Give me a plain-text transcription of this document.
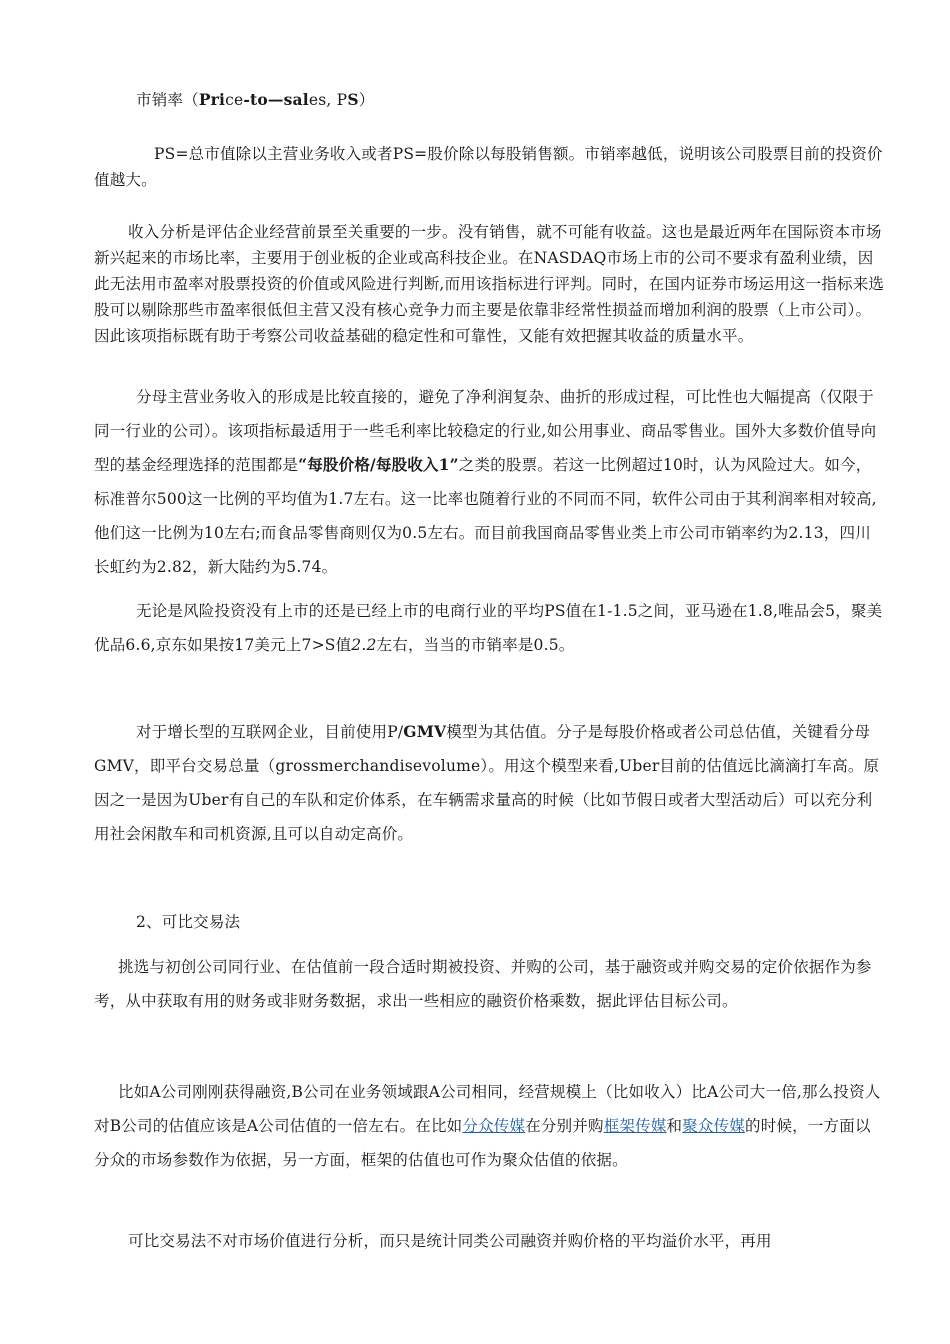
市销率（Price-to—sales, PS）

PS=总市值除以主营业务收入或者PS=股价除以每股销售额。市销率越低，说明该公司股票目前的投资价值越大。

收入分析是评估企业经营前景至关重要的一步。没有销售，就不可能有收益。这也是最近两年在国际资本市场新兴起来的市场比率，主要用于创业板的企业或高科技企业。在NASDAQ市场上市的公司不要求有盈利业绩，因此无法用市盈率对股票投资的价值或风险进行判断,而用该指标进行评判。同时，在国内证券市场运用这一指标来选股可以剔除那些市盈率很低但主营又没有核心竞争力而主要是依靠非经常性损益而增加利润的股票（上市公司）。因此该项指标既有助于考察公司收益基础的稳定性和可靠性，又能有效把握其收益的质量水平。

分母主营业务收入的形成是比较直接的，避免了净利润复杂、曲折的形成过程，可比性也大幅提高（仅限于同一行业的公司）。该项指标最适用于一些毛利率比较稳定的行业,如公用事业、商品零售业。国外大多数价值导向型的基金经理选择的范围都是“每股价格/每股收入1”之类的股票。若这一比例超过10时，认为风险过大。如今，标准普尔500这一比例的平均值为1.7左右。这一比率也随着行业的不同而不同，软件公司由于其利润率相对较高,他们这一比例为10左右;而食品零售商则仅为0.5左右。而目前我国商品零售业类上市公司市销率约为2.13，四川长虹约为2.82，新大陆约为5.74。

无论是风险投资没有上市的还是已经上市的电商行业的平均PS值在1-1.5之间，亚马逊在1.8,唯品会5，聚美优品6.6,京东如果按17美元上7>S值2.2左右，当当的市销率是0.5。

对于增长型的互联网企业，目前使用P/GMV模型为其估值。分子是每股价格或者公司总估值，关键看分母GMV，即平台交易总量（grossmerchandisevolume）。用这个模型来看,Uber目前的估值远比滴滴打车高。原因之一是因为Uber有自己的车队和定价体系，在车辆需求量高的时候（比如节假日或者大型活动后）可以充分利用社会闲散车和司机资源,且可以自动定高价。

2、可比交易法

挑选与初创公司同行业、在估值前一段合适时期被投资、并购的公司，基于融资或并购交易的定价依据作为参考，从中获取有用的财务或非财务数据，求出一些相应的融资价格乘数，据此评估目标公司。

比如A公司刚刚获得融资,B公司在业务领域跟A公司相同，经营规模上（比如收入）比A公司大一倍,那么投资人对B公司的估值应该是A公司估值的一倍左右。在比如分众传媒在分别并购框架传媒和聚众传媒的时候，一方面以分众的市场参数作为依据，另一方面，框架的估值也可作为聚众估值的依据。

可比交易法不对市场价值进行分析，而只是统计同类公司融资并购价格的平均溢价水平，再用
